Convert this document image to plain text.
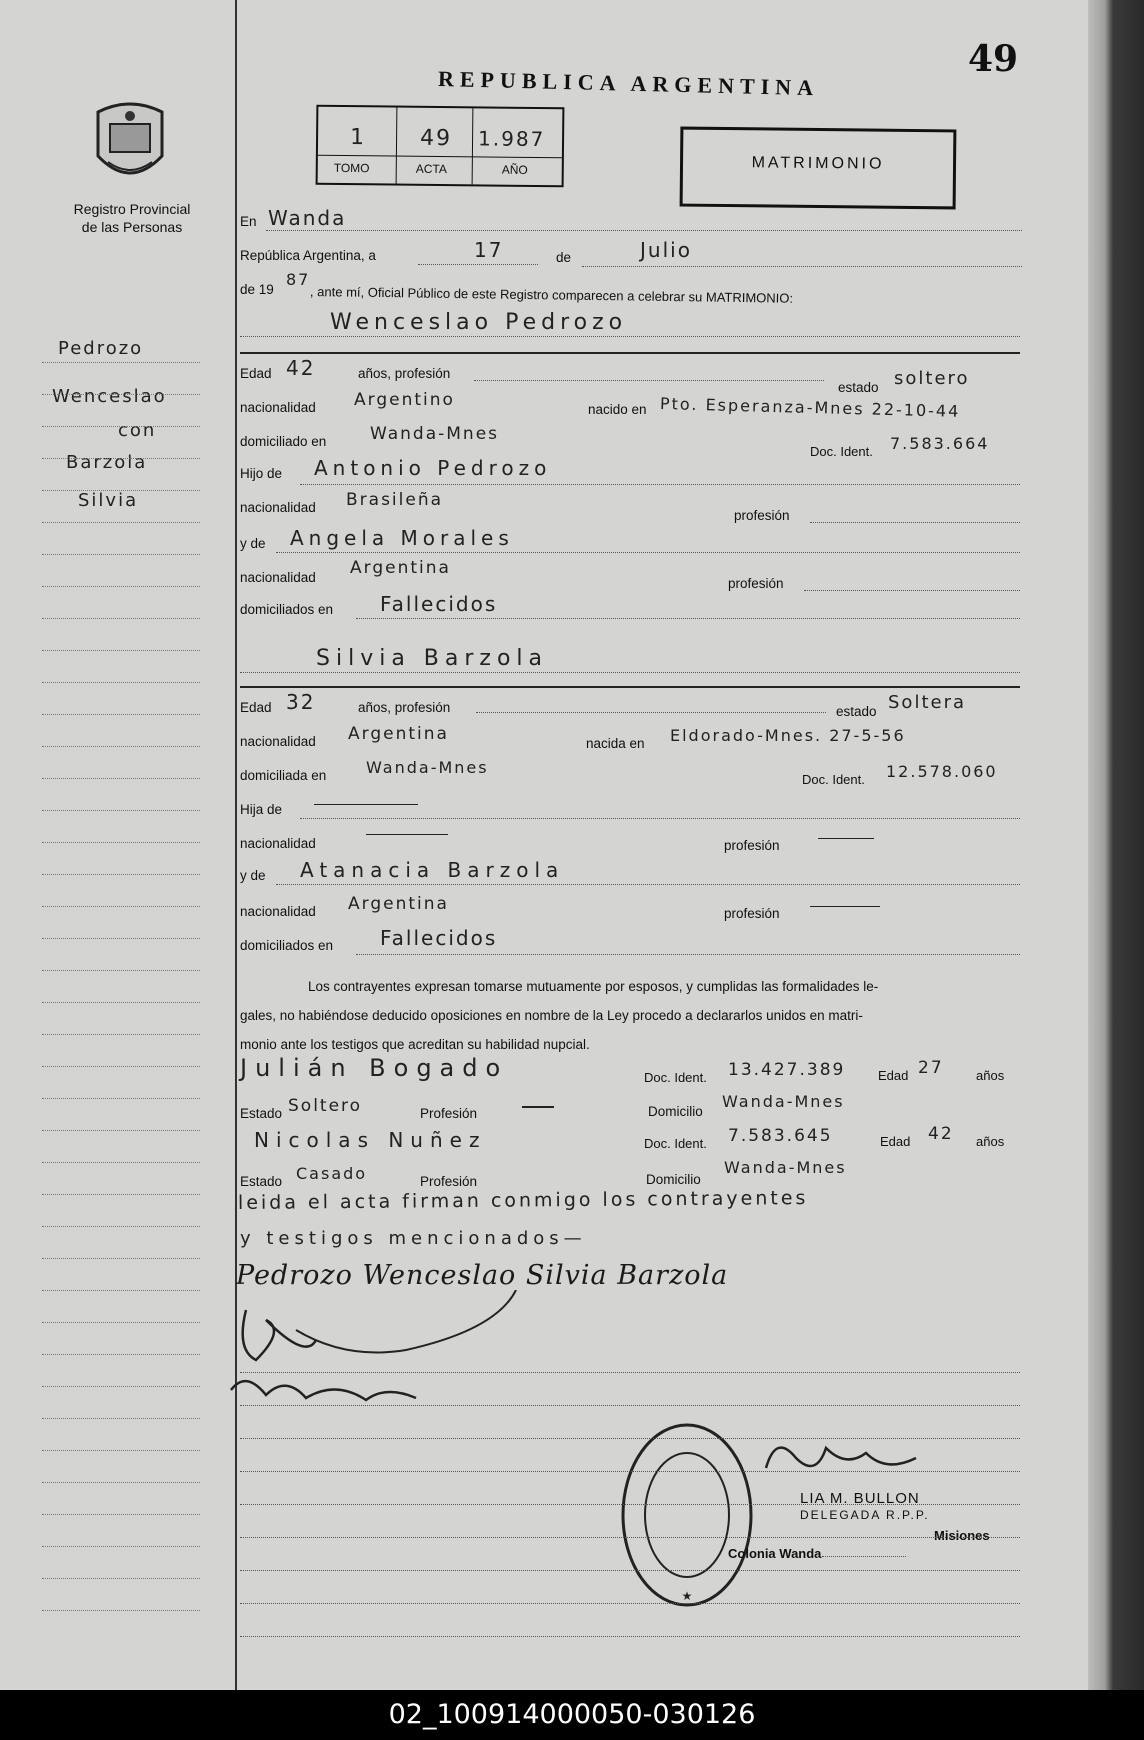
Registro Provincial
de las Personas
Pedrozo
Wenceslao
con
Barzola
Silvia
49
REPUBLICA ARGENTINA
1 49 1.987
TOMO	ACTA	AÑO	MATRIMONIO
En Wanda
República Argentina, a	17	de	Julio
de 19
87
, ante mí, Oficial Público de este Registro comparecen a celebrar su MATRIMONIO:
Wenceslao Pedrozo
Edad 42	años, profesión
estado soltero
nacionalidad Argentino	nacido en Pto. Esperanza-Mnes 22-10-44
domiciliado en	Wanda-Mnes
Doc. Ident. 7.583.664
Hijo de Antonio Pedrozo
nacionalidad Brasileña
profesión
y de Angela Morales
nacionalidad Argentina
profesión
domiciliados en Fallecidos
Silvia Barzola
Edad 32	años, profesión	estado Soltera
nacionalidad Argentina	nacida en Eldorado-Mnes. 27-5-56
domiciliada en Wanda-Mnes
Doc. Ident. 12.578.060
Hija de
nacionalidad	profesión
y de Atanacia Barzola
nacionalidad Argentina	profesión
domiciliados en Fallecidos
Los contrayentes expresan tomarse mutuamente por esposos, y cumplidas las formalidades le-
gales, no habiéndose deducido oposiciones en nombre de la Ley procedo a declararlos unidos en matri-
monio ante los testigos que acreditan su habilidad nupcial.
Julián Bogado	Doc. Ident. 13.427.389	Edad 27 años
Estado Soltero	Profesión	Domicilio
Wanda-Mnes
Nicolas Nuñez	Doc. Ident. 7.583.645	Edad 42 años
Estado Casado	Profesión	Domicilio
Wanda-Mnes
leida el acta firman conmigo los contrayentes
y testigos mencionados—
Pedrozo Wenceslao Silvia Barzola
★
LIA M. BULLON
DELEGADA R.P.P.
Colonia Wanda
Misiones
02_100914000050-030126
